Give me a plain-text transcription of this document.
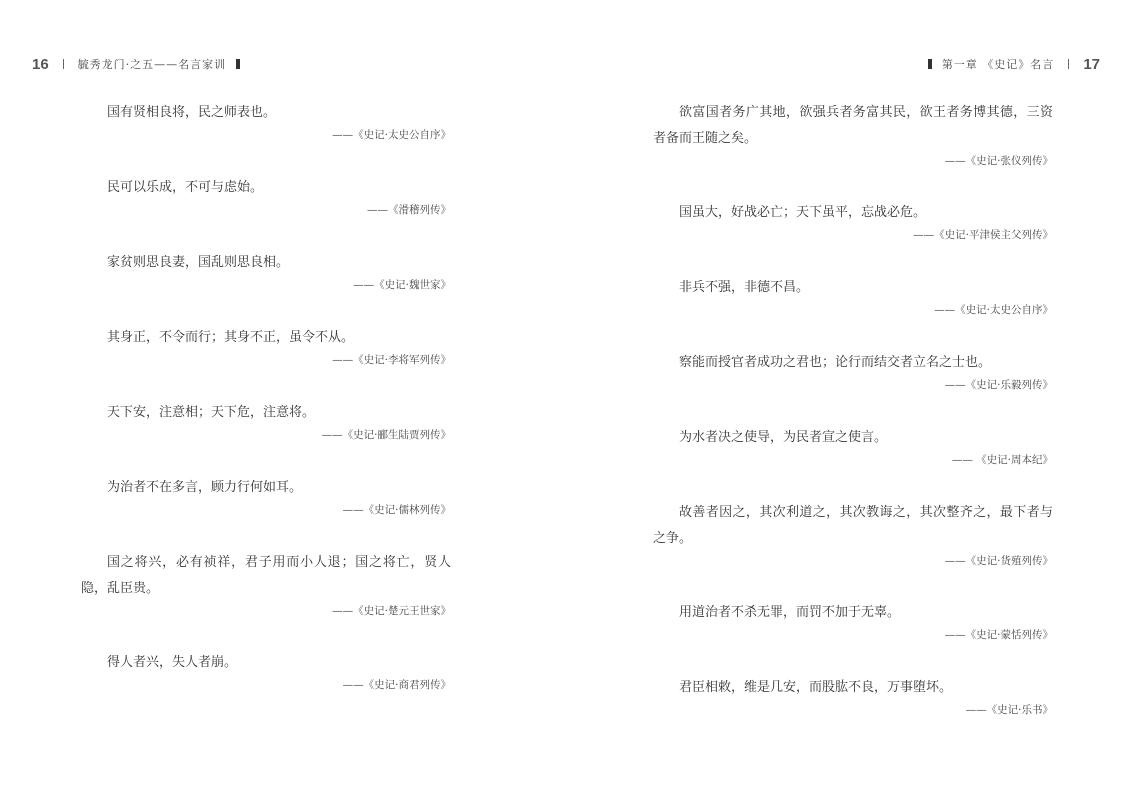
16	毓秀龙门·之五——名言家训

国有贤相良将，民之师表也。

——《史记·太史公自序》

民可以乐成，不可与虑始。

——《滑稽列传》

家贫则思良妻，国乱则思良相。

——《史记·魏世家》

其身正，不令而行；其身不正，虽令不从。

——《史记·李将军列传》

天下安，注意相；天下危，注意将。

——《史记·郦生陆贾列传》

为治者不在多言，顾力行何如耳。

——《史记·儒林列传》

国之将兴，必有祯祥，君子用而小人退；国之将亡，贤人隐，乱臣贵。

——《史记·楚元王世家》

得人者兴，失人者崩。

——《史记·商君列传》

第一章 《史记》名言 17

欲富国者务广其地，欲强兵者务富其民，欲王者务博其德，三资者备而王随之矣。

——《史记·张仪列传》

国虽大，好战必亡；天下虽平，忘战必危。

——《史记·平津侯主父列传》

非兵不强，非德不昌。

——《史记·太史公自序》

察能而授官者成功之君也；论行而结交者立名之士也。

——《史记·乐毅列传》

为水者决之使导，为民者宣之使言。

—— 《史记·周本纪》

故善者因之，其次利道之，其次教诲之，其次整齐之，最下者与之争。

——《史记·货殖列传》

用道治者不杀无罪，而罚不加于无辜。

——《史记·蒙恬列传》

君臣相敕，维是几安，而股肱不良，万事堕坏。

——《史记·乐书》
